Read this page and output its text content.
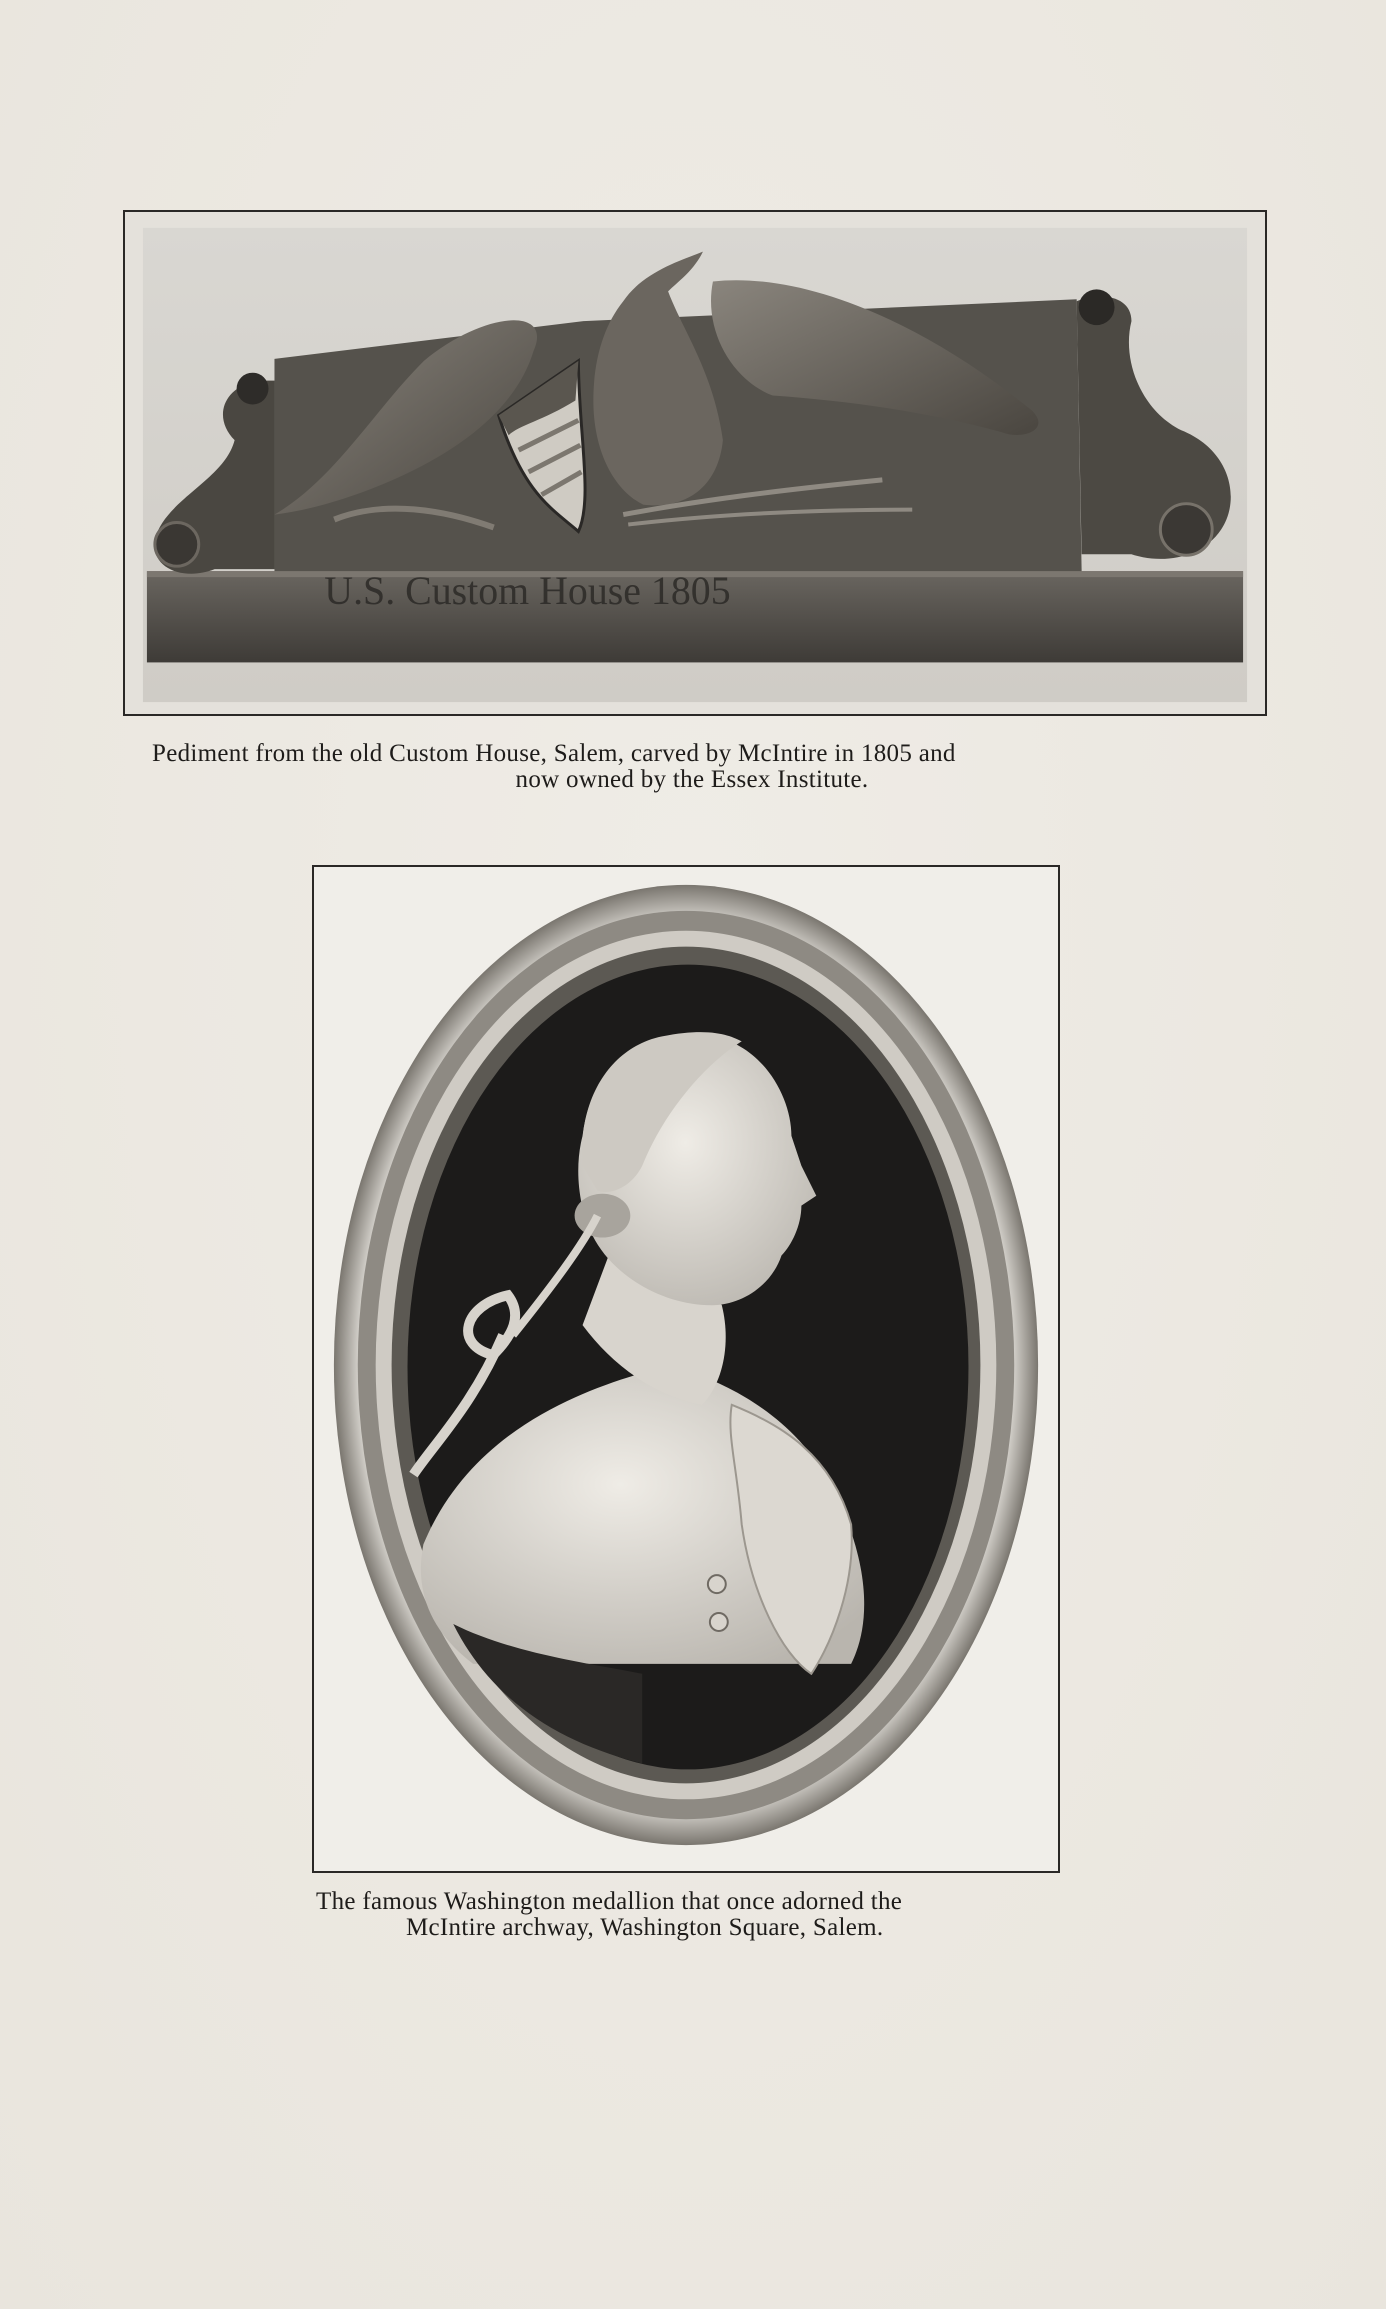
U.S. Custom House 1805
Pediment from the old Custom House, Salem, carved by McIntire in 1805 and
now owned by the Essex Institute.
The famous Washington medallion that once adorned the
McIntire archway, Washington Square, Salem.
